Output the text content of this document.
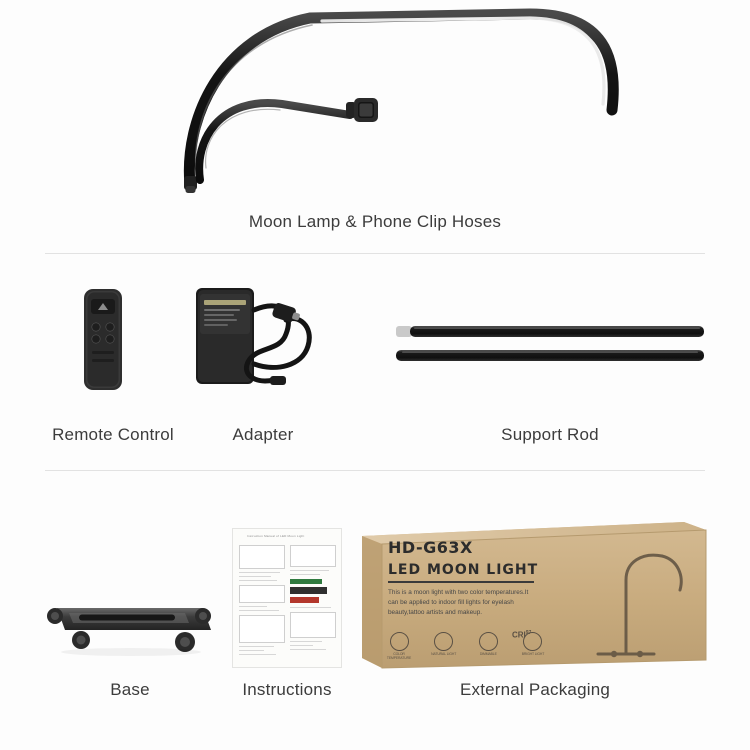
Moon Lamp & Phone Clip Hoses
Remote Control	Adapter	Support Rod
Instruction Manual of LED Moon Light
HD-G63X
LED MOON LIGHT
This is a moon light with two color temperatures.It can be applied to indoor fill lights for eyelash beauty,tattoo artists and makeup.
COLOR TEMPERATURE
NATURAL LIGHT	DIMMABLE	BRIGHT LIGHT
CRI$^{97}$
Base	Instructions	External Packaging
